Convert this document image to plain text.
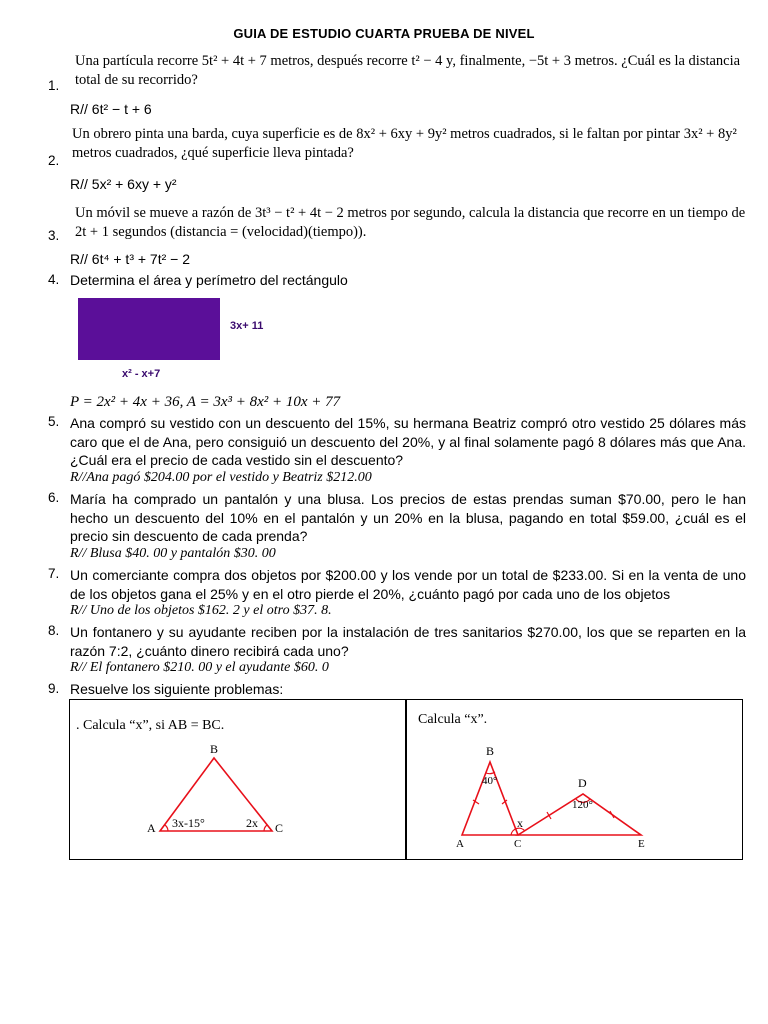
GUIA DE ESTUDIO CUARTA PRUEBA DE NIVEL
Una partícula recorre 5t² + 4t + 7 metros, después recorre t² − 4 y, finalmente, −5t + 3 metros. ¿Cuál es la distancia
total de su recorrido?
1.
R// 6t² − t + 6
Un obrero pinta una barda, cuya superficie es de 8x² + 6xy + 9y² metros cuadrados, si le faltan por pintar 3x² + 8y²
metros cuadrados, ¿qué superficie lleva pintada?
2.
R// 5x² + 6xy + y²
Un móvil se mueve a razón de 3t³ − t² + 4t − 2 metros por segundo, calcula la distancia que recorre en un tiempo de
2t + 1 segundos (distancia = (velocidad)(tiempo)).
3.
R// 6t⁴ + t³ + 7t² − 2
4. Determina el área y perímetro del rectángulo
3x+ 11
x² - x+7
P = 2x² + 4x + 36, A = 3x³ + 8x² + 10x + 77
5. Ana compró su vestido con un descuento del 15%, su hermana Beatriz compró otro vestido 25 dólares más caro que el de Ana, pero consiguió un descuento del 20%, y al final solamente pagó 8 dólares más que Ana. ¿Cuál era el precio de cada vestido sin el descuento?
R//Ana pagó $204.00 por el vestido y Beatriz $212.00
6. María ha comprado un pantalón y una blusa. Los precios de estas prendas suman $70.00, pero le han hecho un descuento del 10% en el pantalón y un 20% en la blusa, pagando en total $59.00, ¿cuál es el precio sin descuento de cada prenda?
R// Blusa $40. 00 y pantalón $30. 00
7. Un comerciante compra dos objetos por $200.00 y los vende por un total de $233.00. Si en la venta de uno de los objetos gana el 25% y en el otro pierde el 20%, ¿cuánto pagó por cada uno de los objetos
R// Uno de los objetos $162. 2 y el otro $37. 8.
8. Un fontanero y su ayudante reciben por la instalación de tres sanitarios $270.00, los que se reparten en la razón 7:2, ¿cuánto dinero recibirá cada uno?
R// El fontanero $210. 00 y el ayudante $60. 0
9. Resuelve los siguiente problemas:
. Calcula “x”, si AB = BC.	Calcula “x”.
B
A	C
3x-15°	2x
B
A	C
D
E
40°
120°
x
